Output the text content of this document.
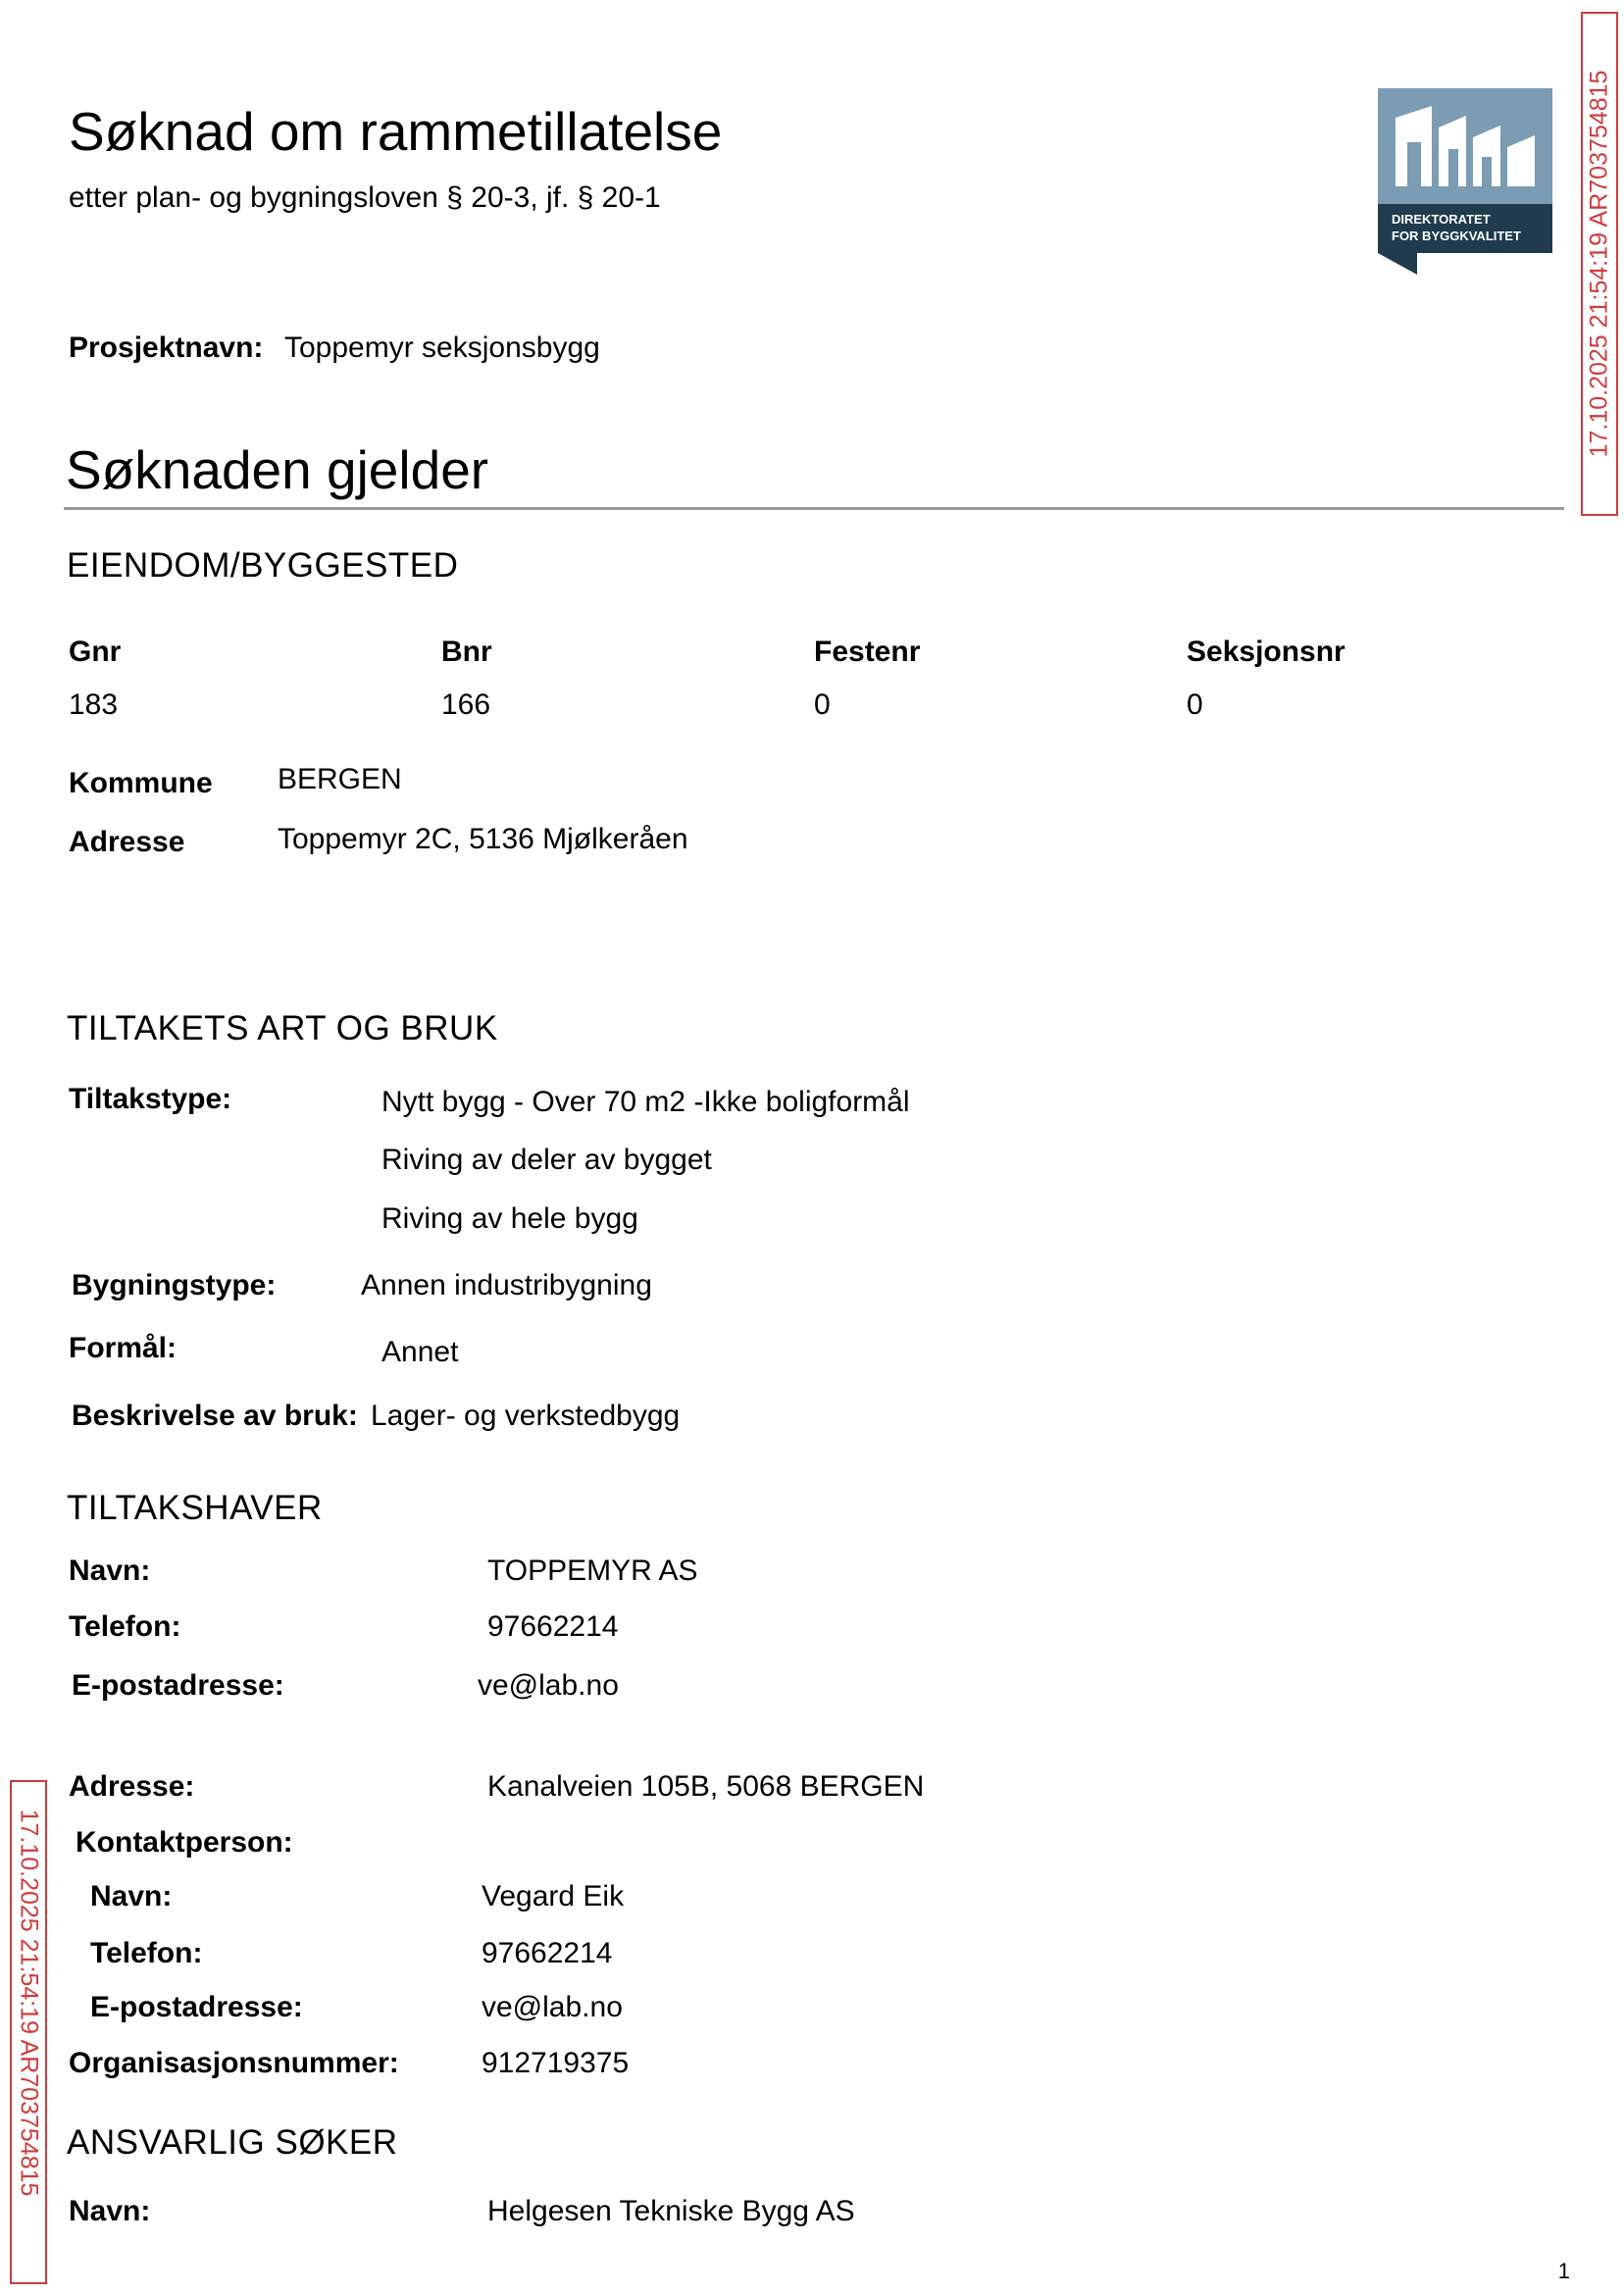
Søknad om rammetillatelse
etter plan- og bygningsloven § 20-3, jf. § 20-1
DIREKTORATET
FOR BYGGKVALITET	17.10.2025 21:54:19 AR703754815
17.10.2025 21:54:19 AR703754815
Prosjektnavn: Toppemyr seksjonsbygg
Søknaden gjelder
EIENDOM/BYGGESTED
Gnr	Bnr	Festenr	Seksjonsnr
183	166	0	0
Kommune BERGEN
Adresse	Toppemyr 2C, 5136 Mjølkeråen
TILTAKETS ART OG BRUK
Tiltakstype:	Nytt bygg - Over 70 m2 -Ikke boligformål
Riving av deler av bygget
Riving av hele bygg
Bygningstype:	Annen industribygning
Formål:	Annet
Beskrivelse av bruk: Lager- og verkstedbygg
TILTAKSHAVER
Navn:	TOPPEMYR AS
Telefon:	97662214
E-postadresse:	ve@lab.no
Adresse:	Kanalveien 105B, 5068 BERGEN
Kontaktperson:
Navn:	Vegard Eik
Telefon:	97662214
E-postadresse:	ve@lab.no
Organisasjonsnummer:	912719375
ANSVARLIG SØKER
Navn:	Helgesen Tekniske Bygg AS
1
